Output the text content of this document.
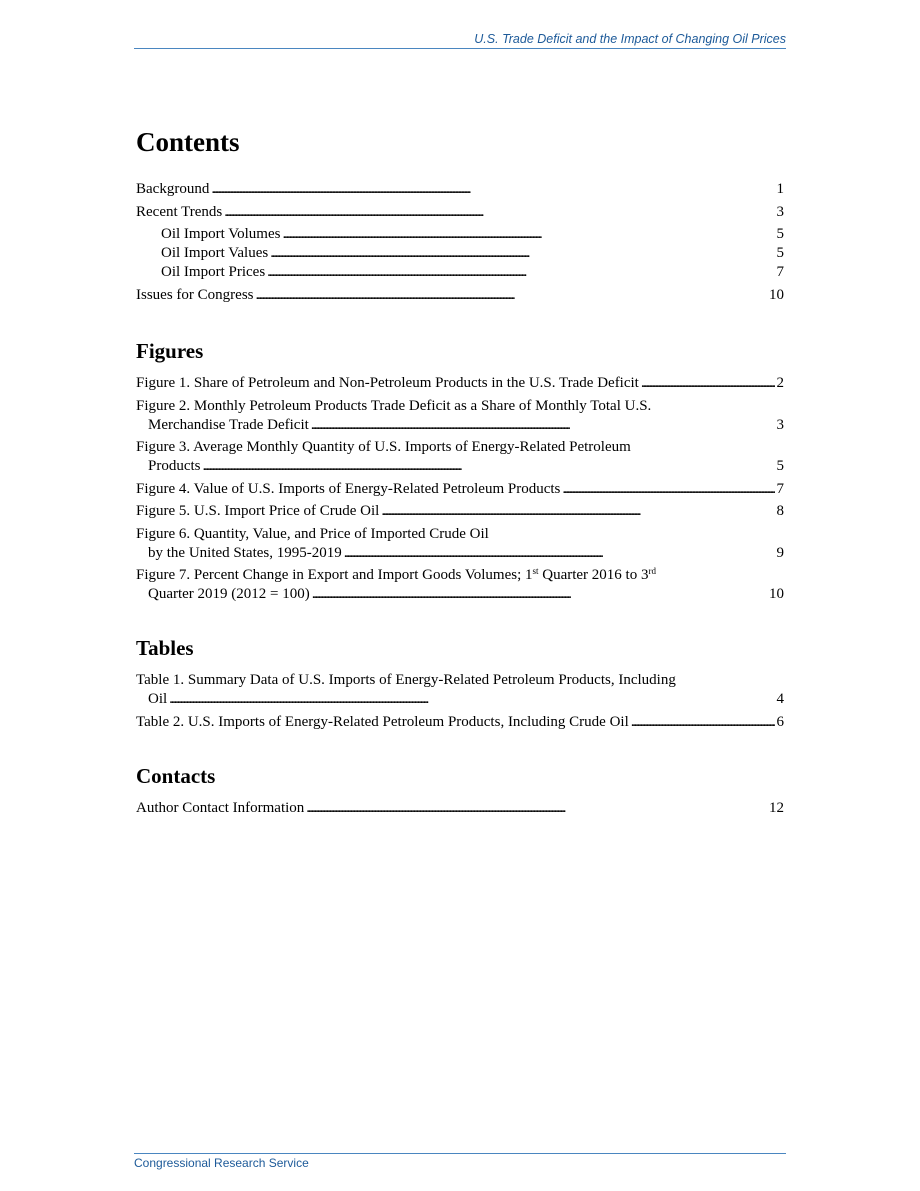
U.S. Trade Deficit and the Impact of Changing Oil Prices
Contents
Background . . .	1
Recent Trends . . .	3
Oil Import Volumes . . .	5
Oil Import Values . . .	5
Oil Import Prices . . .	7
Issues for Congress . . .	10
Figures
Figure 1. Share of Petroleum and Non-Petroleum Products in the U.S. Trade Deficit . . .	2
Figure 2. Monthly Petroleum Products Trade Deficit as a Share of Monthly Total U.S.
Merchandise Trade Deficit . . .	3
Figure 3. Average Monthly Quantity of U.S. Imports of Energy-Related Petroleum
Products . . .	5
Figure 4. Value of U.S. Imports of Energy-Related Petroleum Products . . .	7
Figure 5. U.S. Import Price of Crude Oil . . .	8
Figure 6. Quantity, Value, and Price of Imported Crude Oil
by the United States, 1995-2019 . . .	9
Figure 7. Percent Change in Export and Import Goods Volumes; 1st Quarter 2016 to 3rd
Quarter 2019 (2012 = 100) . . .	10
Tables
Table 1. Summary Data of U.S. Imports of Energy-Related Petroleum Products, Including
Oil . . .	4
Table 2. U.S. Imports of Energy-Related Petroleum Products, Including Crude Oil . . .	6
Contacts
Author Contact Information . . .	12
Congressional Research Service
